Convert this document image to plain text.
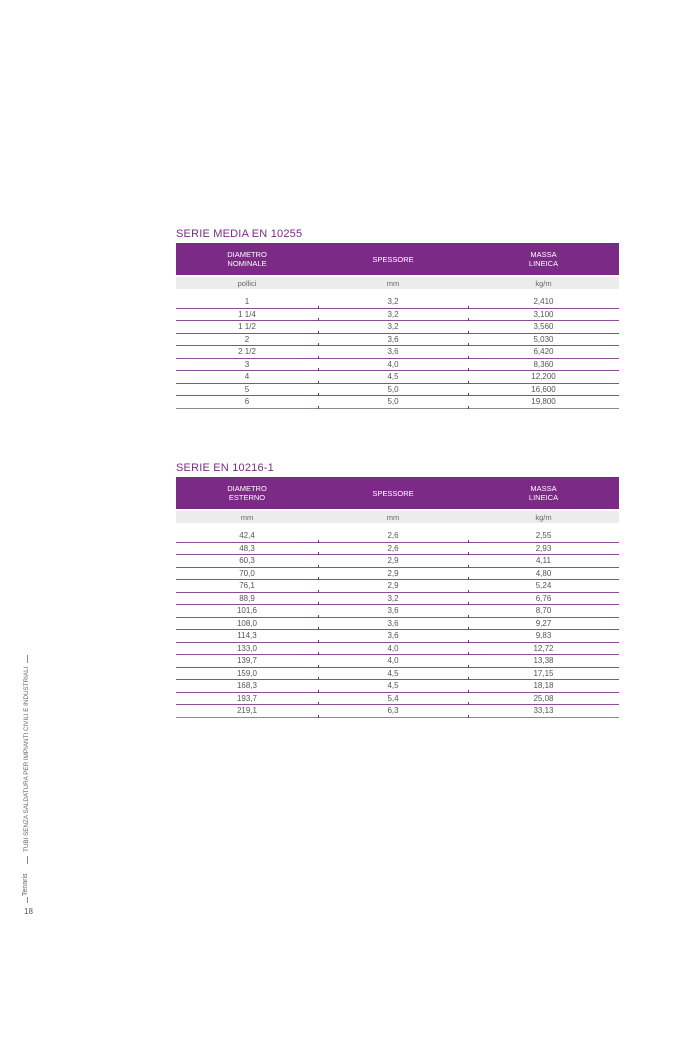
SERIE MEDIA EN 10255
DIAMETRO
NOMINALE	SPESSORE	MASSA
LINEICA
pollici	mm	kg/m
1	3,2	2,410
1 1/4	3,2	3,100
1 1/2	3,2	3,560
2	3,6	5,030
2 1/2	3,6	6,420
3	4,0	8,360
4	4,5	12,200
5	5,0	16,600
6	5,0	19,800
SERIE EN 10216-1
DIAMETRO
ESTERNO	SPESSORE	MASSA
LINEICA
mm	mm	kg/m
42,4	2,6	2,55
48,3	2,6	2,93
60,3	2,9	4,11
70,0	2,9	4,80
76,1	2,9	5,24
88,9	3,2	6,76
101,6	3,6	8,70
108,0	3,6	9,27
114,3	3,6	9,83
133,0	4,0	12,72
139,7	4,0	13,38
159,0	4,5	17,15
168,3	4,5	18,18
193,7	5,4	25,08
219,1	6,3	33,13
TUBI SENZA SALDATURA PER IMPIANTI CIVILI E INDUSTRIALI
Tenaris
18
